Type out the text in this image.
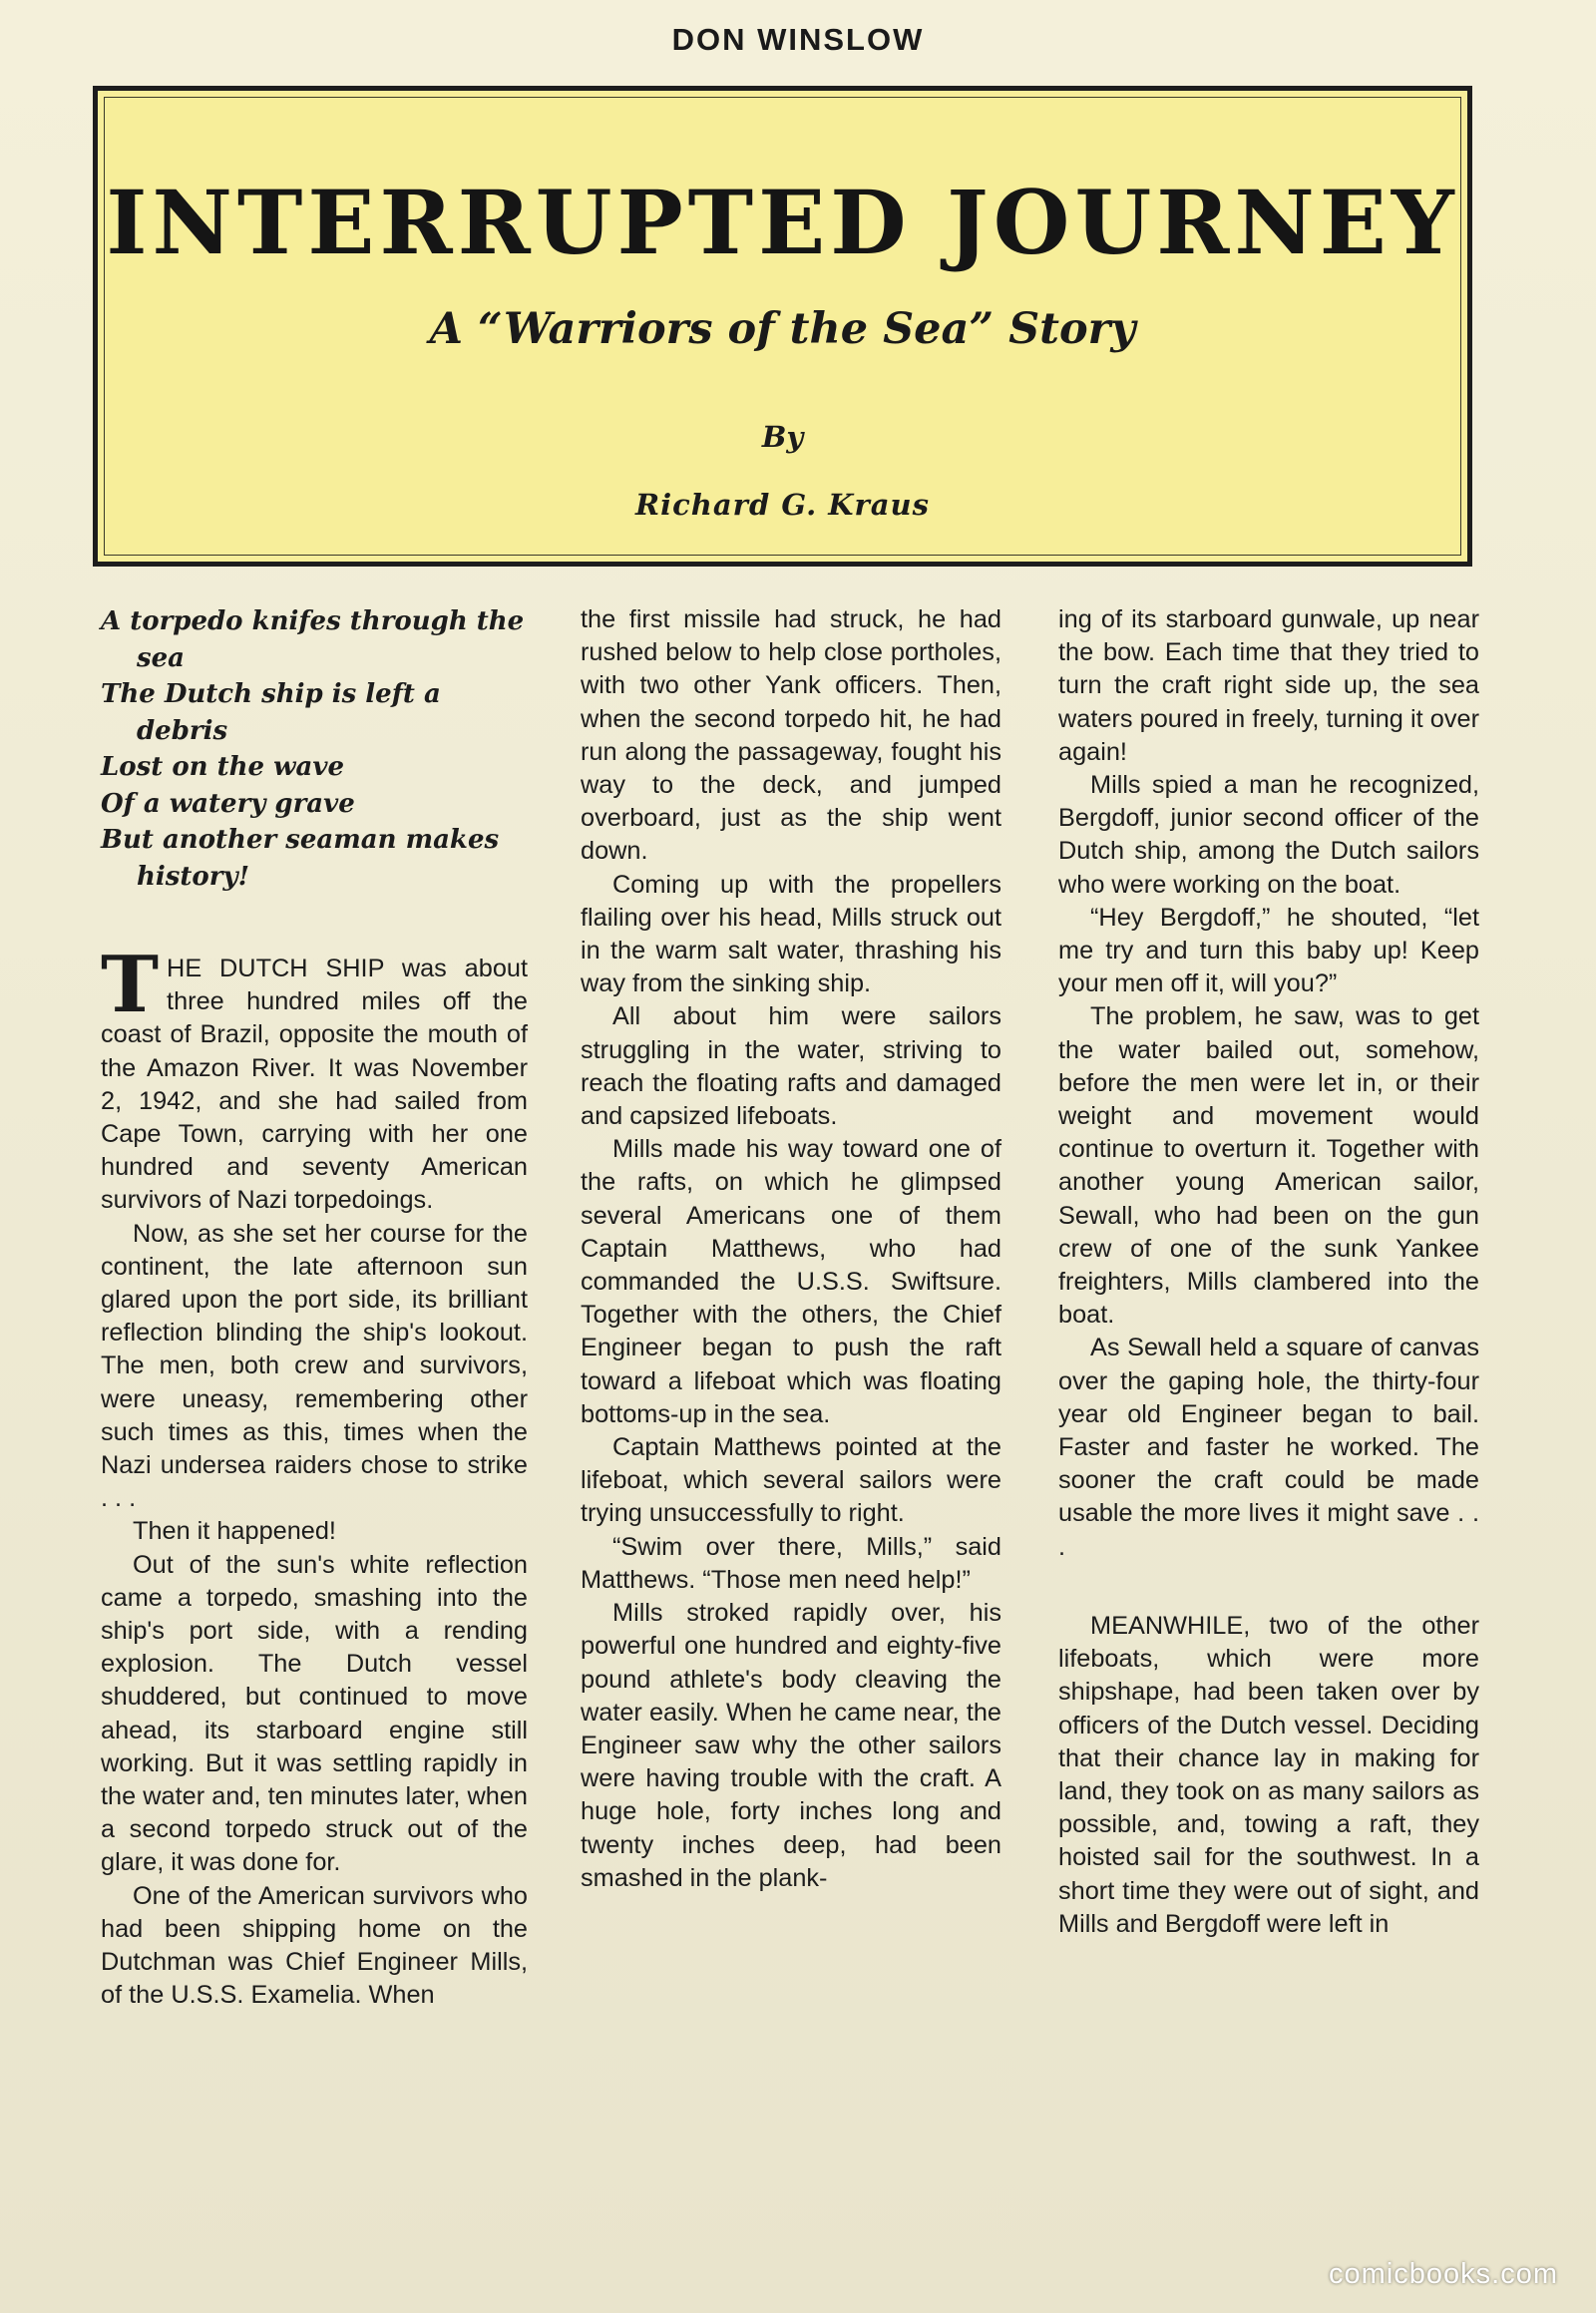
DON WINSLOW
INTERRUPTED JOURNEY
A “Warriors of the Sea” Story
By
Richard G. Kraus
A torpedo knifes through the sea
The Dutch ship is left a debris
Lost on the wave
Of a watery grave
But another seaman makes history!

THE DUTCH SHIP was about three hundred miles off the coast of Brazil, opposite the mouth of the Amazon River. It was November 2, 1942, and she had sailed from Cape Town, carrying with her one hundred and seventy American survivors of Nazi torpedoings.

Now, as she set her course for the continent, the late afternoon sun glared upon the port side, its brilliant reflection blinding the ship's lookout. The men, both crew and survivors, were uneasy, remembering other such times as this, times when the Nazi undersea raiders chose to strike . . .

Then it happened!

Out of the sun's white reflection came a torpedo, smashing into the ship's port side, with a rending explosion. The Dutch vessel shuddered, but continued to move ahead, its starboard engine still working. But it was settling rapidly in the water and, ten minutes later, when a second torpedo struck out of the glare, it was done for.

One of the American survivors who had been shipping home on the Dutchman was Chief Engineer Mills, of the U.S.S. Examelia. When

the first missile had struck, he had rushed below to help close portholes, with two other Yank officers. Then, when the second torpedo hit, he had run along the passageway, fought his way to the deck, and jumped overboard, just as the ship went down.

Coming up with the propellers flailing over his head, Mills struck out in the warm salt water, thrashing his way from the sinking ship.

All about him were sailors struggling in the water, striving to reach the floating rafts and damaged and capsized lifeboats.

Mills made his way toward one of the rafts, on which he glimpsed several Americans one of them Captain Matthews, who had commanded the U.S.S. Swiftsure. Together with the others, the Chief Engineer began to push the raft toward a lifeboat which was floating bottoms-up in the sea.

Captain Matthews pointed at the lifeboat, which several sailors were trying unsuccessfully to right.

“Swim over there, Mills,” said Matthews. “Those men need help!”

Mills stroked rapidly over, his powerful one hundred and eighty-five pound athlete's body cleaving the water easily. When he came near, the Engineer saw why the other sailors were having trouble with the craft. A huge hole, forty inches long and twenty inches deep, had been smashed in the plank-

ing of its starboard gunwale, up near the bow. Each time that they tried to turn the craft right side up, the sea waters poured in freely, turning it over again!

Mills spied a man he recognized, Bergdoff, junior second officer of the Dutch ship, among the Dutch sailors who were working on the boat.

“Hey Bergdoff,” he shouted, “let me try and turn this baby up! Keep your men off it, will you?”

The problem, he saw, was to get the water bailed out, somehow, before the men were let in, or their weight and movement would continue to overturn it. Together with another young American sailor, Sewall, who had been on the gun crew of one of the sunk Yankee freighters, Mills clambered into the boat.

As Sewall held a square of canvas over the gaping hole, the thirty-four year old Engineer began to bail. Faster and faster he worked. The sooner the craft could be made usable the more lives it might save . . .

MEANWHILE, two of the other lifeboats, which were more shipshape, had been taken over by officers of the Dutch vessel. Deciding that their chance lay in making for land, they took on as many sailors as possible, and, towing a raft, they hoisted sail for the southwest. In a short time they were out of sight, and Mills and Bergdoff were left in

comicbooks.com
